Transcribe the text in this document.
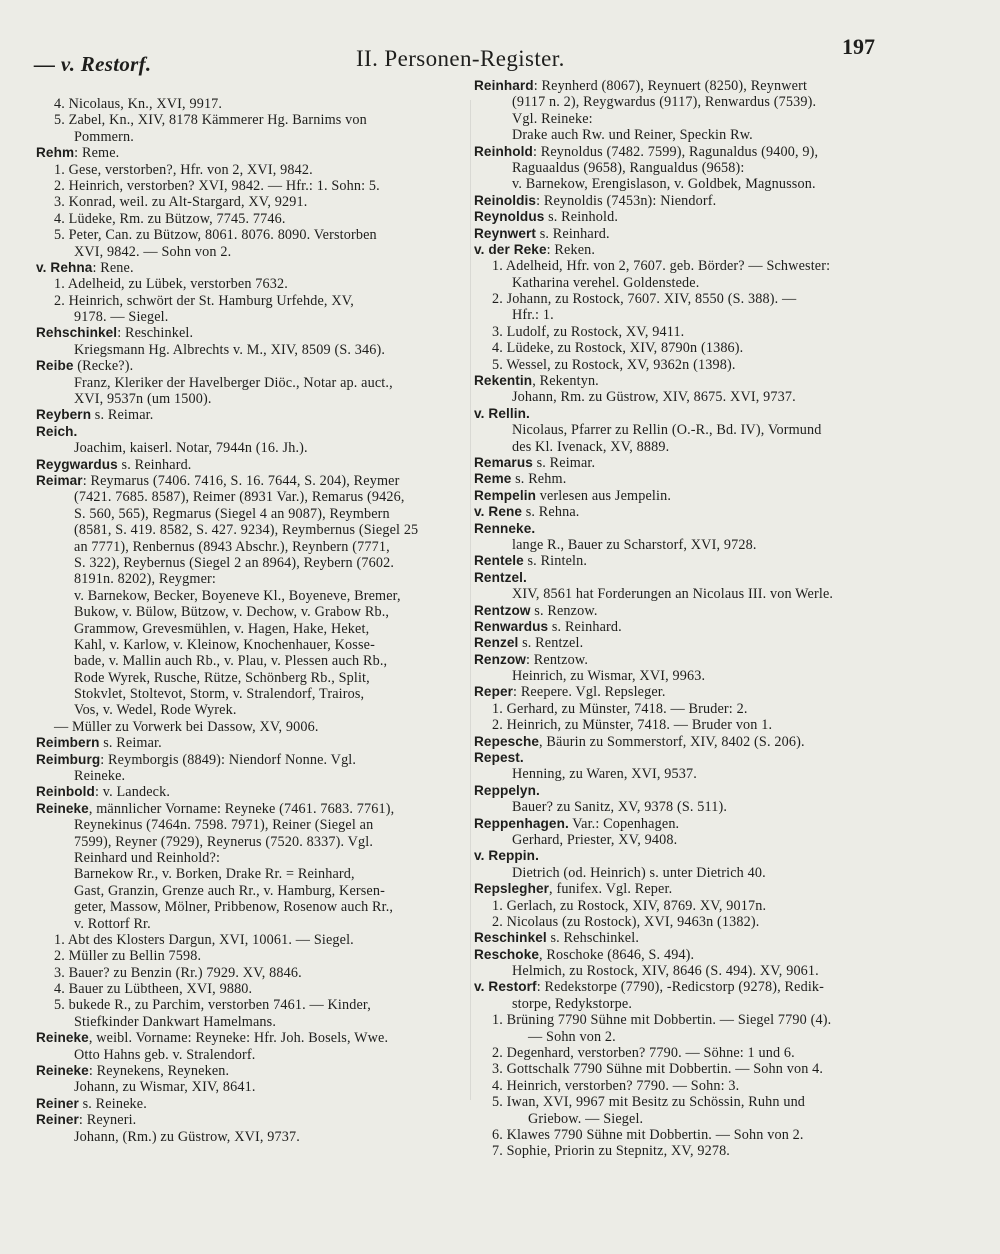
— v. Restorf.	II. Personen-Register.	197
4. Nicolaus, Kn., XVI, 9917.
5. Zabel, Kn., XIV, 8178 Kämmerer Hg. Barnims von
Pommern.
Rehm: Reme.
1. Gese, verstorben?, Hfr. von 2, XVI, 9842.
2. Heinrich, verstorben? XVI, 9842. — Hfr.: 1. Sohn: 5.
3. Konrad, weil. zu Alt-Stargard, XV, 9291.
4. Lüdeke, Rm. zu Bützow, 7745. 7746.
5. Peter, Can. zu Bützow, 8061. 8076. 8090. Verstorben
XVI, 9842. — Sohn von 2.
v. Rehna: Rene.
1. Adelheid, zu Lübek, verstorben 7632.
2. Heinrich, schwört der St. Hamburg Urfehde, XV,
9178. — Siegel.
Rehschinkel: Reschinkel.
Kriegsmann Hg. Albrechts v. M., XIV, 8509 (S. 346).
Reibe (Recke?).
Franz, Kleriker der Havelberger Diöc., Notar ap. auct.,
XVI, 9537n (um 1500).
Reybern s. Reimar.
Reich.
Joachim, kaiserl. Notar, 7944n (16. Jh.).
Reygwardus s. Reinhard.
Reimar: Reymarus (7406. 7416, S. 16. 7644, S. 204), Reymer
(7421. 7685. 8587), Reimer (8931 Var.), Remarus (9426,
S. 560, 565), Regmarus (Siegel 4 an 9087), Reymbern
(8581, S. 419. 8582, S. 427. 9234), Reymbernus (Siegel 25
an 7771), Renbernus (8943 Abschr.), Reynbern (7771,
S. 322), Reybernus (Siegel 2 an 8964), Reybern (7602.
8191n. 8202), Reygmer:
v. Barnekow, Becker, Boyeneve Kl., Boyeneve, Bremer,
Bukow, v. Bülow, Bützow, v. Dechow, v. Grabow Rb.,
Grammow, Grevesmühlen, v. Hagen, Hake, Heket,
Kahl, v. Karlow, v. Kleinow, Knochenhauer, Kosse-
bade, v. Mallin auch Rb., v. Plau, v. Plessen auch Rb.,
Rode Wyrek, Rusche, Rütze, Schönberg Rb., Split,
Stokvlet, Stoltevot, Storm, v. Stralendorf, Trairos,
Vos, v. Wedel, Rode Wyrek.
— Müller zu Vorwerk bei Dassow, XV, 9006.
Reimbern s. Reimar.
Reimburg: Reymborgis (8849): Niendorf Nonne. Vgl.
Reineke.
Reinbold: v. Landeck.
Reineke, männlicher Vorname: Reyneke (7461. 7683. 7761),
Reynekinus (7464n. 7598. 7971), Reiner (Siegel an
7599), Reyner (7929), Reynerus (7520. 8337). Vgl.
Reinhard und Reinhold?:
Barnekow Rr., v. Borken, Drake Rr. = Reinhard,
Gast, Granzin, Grenze auch Rr., v. Hamburg, Kersen-
geter, Massow, Mölner, Pribbenow, Rosenow auch Rr.,
v. Rottorf Rr.
1. Abt des Klosters Dargun, XVI, 10061. — Siegel.
2. Müller zu Bellin 7598.
3. Bauer? zu Benzin (Rr.) 7929. XV, 8846.
4. Bauer zu Lübtheen, XVI, 9880.
5. bukede R., zu Parchim, verstorben 7461. — Kinder,
Stiefkinder Dankwart Hamelmans.
Reineke, weibl. Vorname: Reyneke: Hfr. Joh. Bosels, Wwe.
Otto Hahns geb. v. Stralendorf.
Reineke: Reynekens, Reyneken.
Johann, zu Wismar, XIV, 8641.
Reiner s. Reineke.
Reiner: Reyneri.
Johann, (Rm.) zu Güstrow, XVI, 9737.
Reinhard: Reynherd (8067), Reynuert (8250), Reynwert
(9117 n. 2), Reygwardus (9117), Renwardus (7539).
Vgl. Reineke:
Drake auch Rw. und Reiner, Speckin Rw.
Reinhold: Reynoldus (7482. 7599), Ragunaldus (9400, 9),
Raguaaldus (9658), Rangualdus (9658):
v. Barnekow, Erengislason, v. Goldbek, Magnusson.
Reinoldis: Reynoldis (7453n): Niendorf.
Reynoldus s. Reinhold.
Reynwert s. Reinhard.
v. der Reke: Reken.
1. Adelheid, Hfr. von 2, 7607. geb. Börder? — Schwester:
Katharina verehel. Goldenstede.
2. Johann, zu Rostock, 7607. XIV, 8550 (S. 388). —
Hfr.: 1.
3. Ludolf, zu Rostock, XV, 9411.
4. Lüdeke, zu Rostock, XIV, 8790n (1386).
5. Wessel, zu Rostock, XV, 9362n (1398).
Rekentin, Rekentyn.
Johann, Rm. zu Güstrow, XIV, 8675. XVI, 9737.
v. Rellin.
Nicolaus, Pfarrer zu Rellin (O.-R., Bd. IV), Vormund
des Kl. Ivenack, XV, 8889.
Remarus s. Reimar.
Reme s. Rehm.
Rempelin verlesen aus Jempelin.
v. Rene s. Rehna.
Renneke.
lange R., Bauer zu Scharstorf, XVI, 9728.
Rentele s. Rinteln.
Rentzel.
XIV, 8561 hat Forderungen an Nicolaus III. von Werle.
Rentzow s. Renzow.
Renwardus s. Reinhard.
Renzel s. Rentzel.
Renzow: Rentzow.
Heinrich, zu Wismar, XVI, 9963.
Reper: Reepere. Vgl. Repsleger.
1. Gerhard, zu Münster, 7418. — Bruder: 2.
2. Heinrich, zu Münster, 7418. — Bruder von 1.
Repesche, Bäurin zu Sommerstorf, XIV, 8402 (S. 206).
Repest.
Henning, zu Waren, XVI, 9537.
Reppelyn.
Bauer? zu Sanitz, XV, 9378 (S. 511).
Reppenhagen. Var.: Copenhagen.
Gerhard, Priester, XV, 9408.
v. Reppin.
Dietrich (od. Heinrich) s. unter Dietrich 40.
Repslegher, funifex. Vgl. Reper.
1. Gerlach, zu Rostock, XIV, 8769. XV, 9017n.
2. Nicolaus (zu Rostock), XVI, 9463n (1382).
Reschinkel s. Rehschinkel.
Reschoke, Roschoke (8646, S. 494).
Helmich, zu Rostock, XIV, 8646 (S. 494). XV, 9061.
v. Restorf: Redekstorpe (7790), -Redicstorp (9278), Redik-
storpe, Redykstorpe.
1. Brüning 7790 Sühne mit Dobbertin. — Siegel 7790 (4).
— Sohn von 2.
2. Degenhard, verstorben? 7790. — Söhne: 1 und 6.
3. Gottschalk 7790 Sühne mit Dobbertin. — Sohn von 4.
4. Heinrich, verstorben? 7790. — Sohn: 3.
5. Iwan, XVI, 9967 mit Besitz zu Schössin, Ruhn und
Griebow. — Siegel.
6. Klawes 7790 Sühne mit Dobbertin. — Sohn von 2.
7. Sophie, Priorin zu Stepnitz, XV, 9278.
